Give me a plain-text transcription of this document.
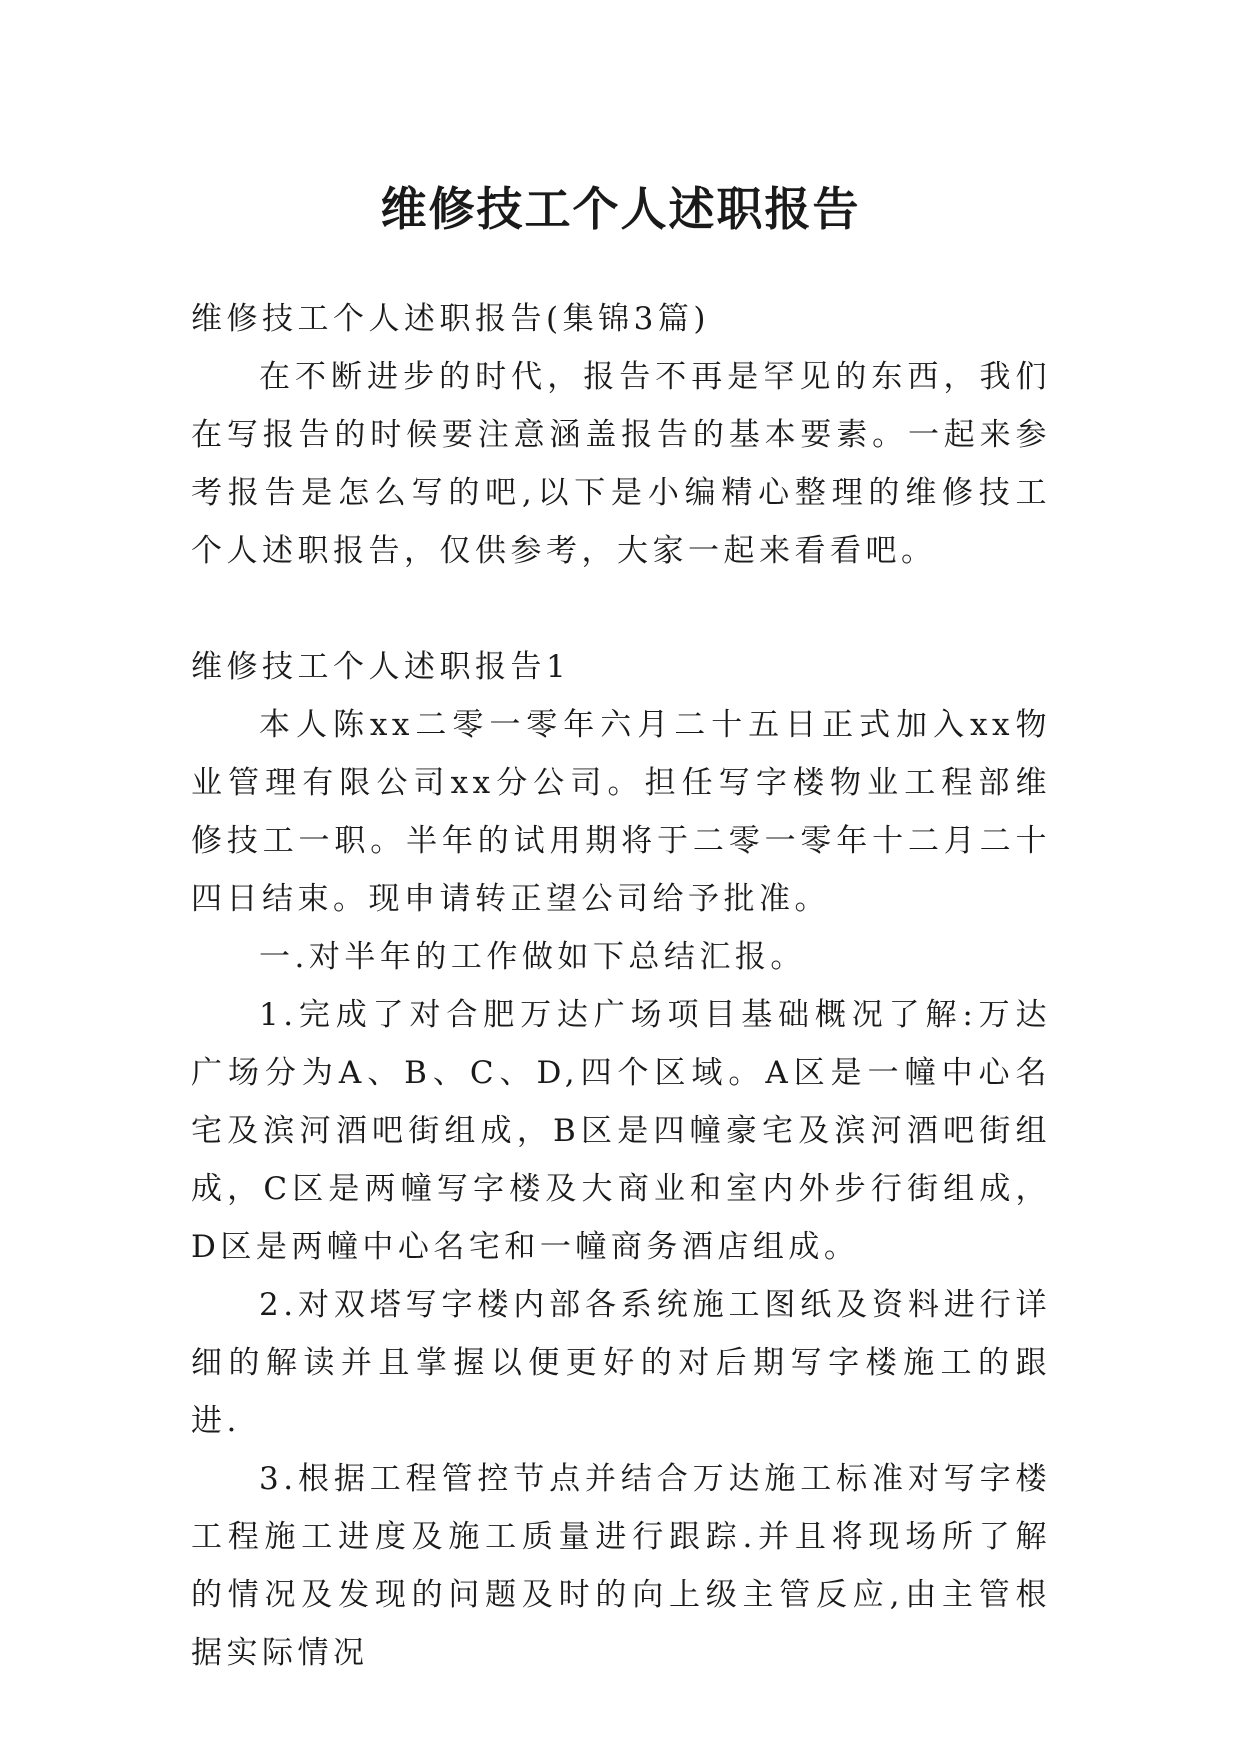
维修技工个人述职报告

维修技工个人述职报告(集锦3篇)

在不断进步的时代，报告不再是罕见的东西，我们在写报告的时候要注意涵盖报告的基本要素。一起来参考报告是怎么写的吧,以下是小编精心整理的维修技工个人述职报告，仅供参考，大家一起来看看吧。

维修技工个人述职报告1

本人陈xx二零一零年六月二十五日正式加入xx物业管理有限公司xx分公司。担任写字楼物业工程部维修技工一职。半年的试用期将于二零一零年十二月二十四日结束。现申请转正望公司给予批准。

一.对半年的工作做如下总结汇报。

1.完成了对合肥万达广场项目基础概况了解:万达广场分为A、B、C、D,四个区域。A区是一幢中心名宅及滨河酒吧街组成，B区是四幢豪宅及滨河酒吧街组成，C区是两幢写字楼及大商业和室内外步行街组成，D区是两幢中心名宅和一幢商务酒店组成。

2.对双塔写字楼内部各系统施工图纸及资料进行详细的解读并且掌握以便更好的对后期写字楼施工的跟进.

3.根据工程管控节点并结合万达施工标准对写字楼工程施工进度及施工质量进行跟踪.并且将现场所了解的情况及发现的问题及时的向上级主管反应,由主管根据实际情况
